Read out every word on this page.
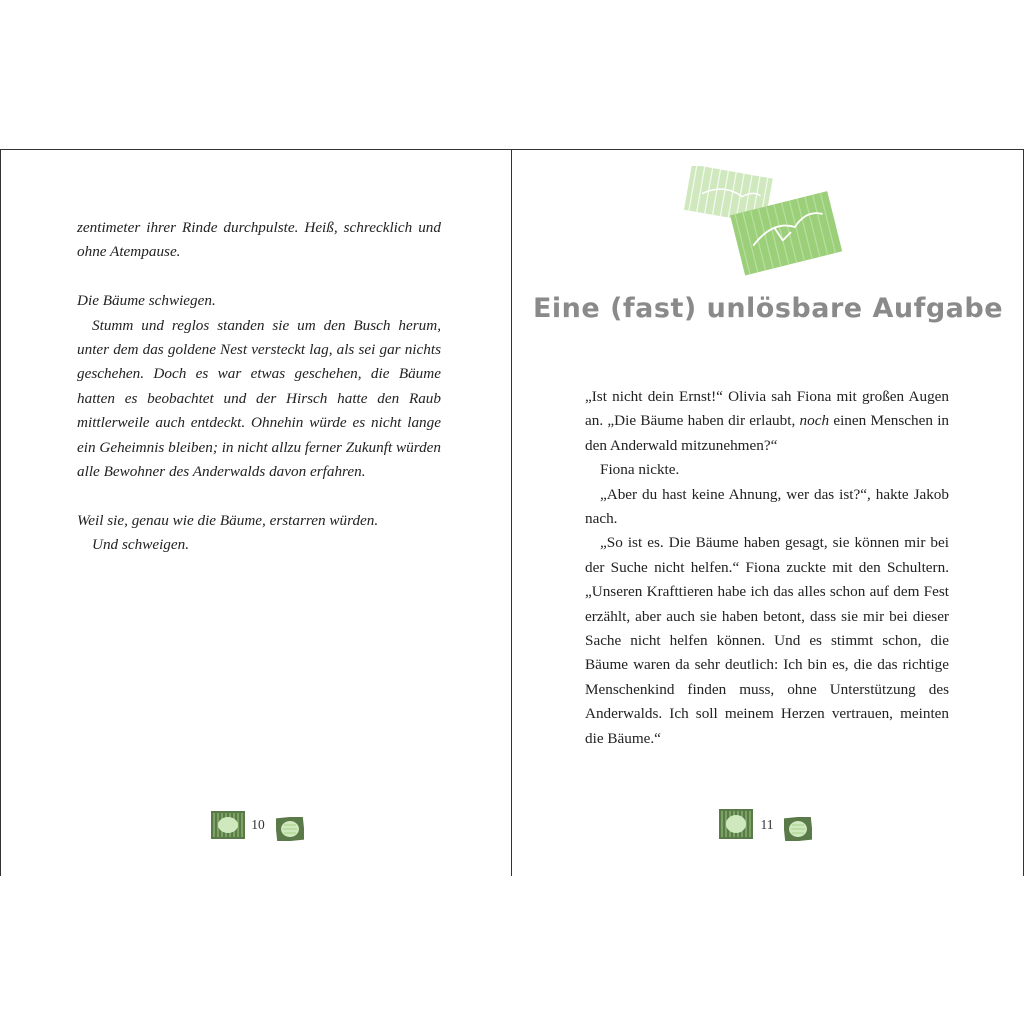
zentimeter ihrer Rinde durchpulste. Heiß, schrecklich und ohne Atempause.

Die Bäume schwiegen.

Stumm und reglos standen sie um den Busch herum, unter dem das goldene Nest versteckt lag, als sei gar nichts geschehen. Doch es war etwas geschehen, die Bäume hatten es beobachtet und der Hirsch hatte den Raub mittlerweile auch entdeckt. Ohnehin würde es nicht lange ein Geheimnis bleiben; in nicht allzu ferner Zukunft würden alle Bewohner des Anderwalds davon erfahren.

Weil sie, genau wie die Bäume, erstarren würden.

Und schweigen.

10
Eine (fast) unlösbare Aufgabe

„Ist nicht dein Ernst!“ Olivia sah Fiona mit großen Augen an. „Die Bäume haben dir erlaubt, noch einen Menschen in den Anderwald mitzunehmen?“

Fiona nickte.

„Aber du hast keine Ahnung, wer das ist?“, hakte Jakob nach.

„So ist es. Die Bäume haben gesagt, sie können mir bei der Suche nicht helfen.“ Fiona zuckte mit den Schultern. „Unseren Krafttieren habe ich das alles schon auf dem Fest erzählt, aber auch sie haben betont, dass sie mir bei dieser Sache nicht helfen können. Und es stimmt schon, die Bäume waren da sehr deutlich: Ich bin es, die das richtige Menschenkind finden muss, ohne Unterstützung des Anderwalds. Ich soll meinem Herzen vertrauen, meinten die Bäume.“

11
